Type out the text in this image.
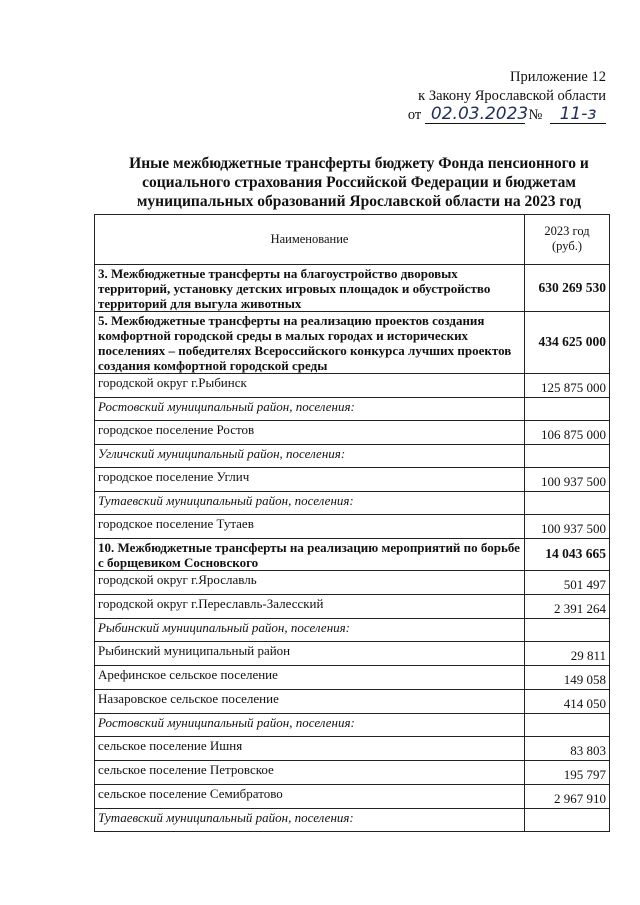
Приложение 12
к Закону Ярославской области
от 02.03.2023 № 11-з
Иные межбюджетные трансферты бюджету Фонда пенсионного и социального страхования Российской Федерации и бюджетам муниципальных образований Ярославской области на 2023 год
Наименование	2023 год (руб.)

3. Межбюджетные трансферты на благоустройство дворовых территорий, установку детских игровых площадок и обустройство территорий для выгула животных	630 269 530

5. Межбюджетные трансферты на реализацию проектов создания комфортной городской среды в малых городах и исторических поселениях – победителях Всероссийского конкурса лучших проектов создания комфортной городской среды	434 625 000

городской округ г.Рыбинск	125 875 000

Ростовский муниципальный район, поселения:	

городское поселение Ростов	106 875 000

Угличский муниципальный район, поселения:	

городское поселение Углич	100 937 500

Тутаевский муниципальный район, поселения:	

городское поселение Тутаев	100 937 500

10. Межбюджетные трансферты на реализацию мероприятий по борьбе с борщевиком Сосновского	14 043 665

городской округ г.Ярославль	501 497

городской округ г.Переславль-Залесский	2 391 264

Рыбинский муниципальный район, поселения:	

Рыбинский муниципальный район	29 811

Арефинское сельское поселение	149 058

Назаровское сельское поселение	414 050

Ростовский муниципальный район, поселения:	

сельское поселение Ишня	83 803

сельское поселение Петровское	195 797

сельское поселение Семибратово	2 967 910

Тутаевский муниципальный район, поселения:	
